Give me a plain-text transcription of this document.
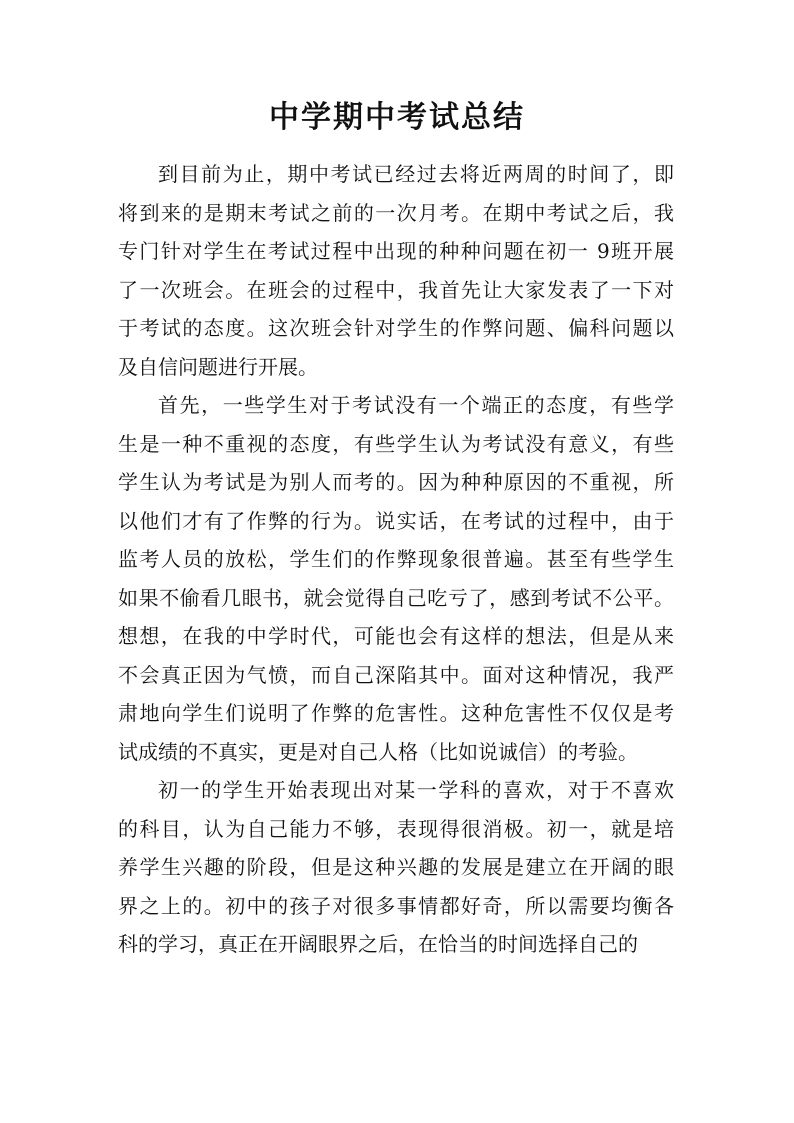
中学期中考试总结

到目前为止，期中考试已经过去将近两周的时间了，即
将到来的是期末考试之前的一次月考。在期中考试之后，我
专门针对学生在考试过程中出现的种种问题在初一 9班开展
了一次班会。在班会的过程中，我首先让大家发表了一下对
于考试的态度。这次班会针对学生的作弊问题、偏科问题以
及自信问题进行开展。

首先，一些学生对于考试没有一个端正的态度，有些学
生是一种不重视的态度，有些学生认为考试没有意义，有些
学生认为考试是为别人而考的。因为种种原因的不重视，所
以他们才有了作弊的行为。说实话，在考试的过程中，由于
监考人员的放松，学生们的作弊现象很普遍。甚至有些学生
如果不偷看几眼书，就会觉得自己吃亏了，感到考试不公平。
想想，在我的中学时代，可能也会有这样的想法，但是从来
不会真正因为气愤，而自己深陷其中。面对这种情况，我严
肃地向学生们说明了作弊的危害性。这种危害性不仅仅是考
试成绩的不真实，更是对自己人格（比如说诚信）的考验。

初一的学生开始表现出对某一学科的喜欢，对于不喜欢
的科目，认为自己能力不够，表现得很消极。初一，就是培
养学生兴趣的阶段，但是这种兴趣的发展是建立在开阔的眼
界之上的。初中的孩子对很多事情都好奇，所以需要均衡各
科的学习，真正在开阔眼界之后，在恰当的时间选择自己的
